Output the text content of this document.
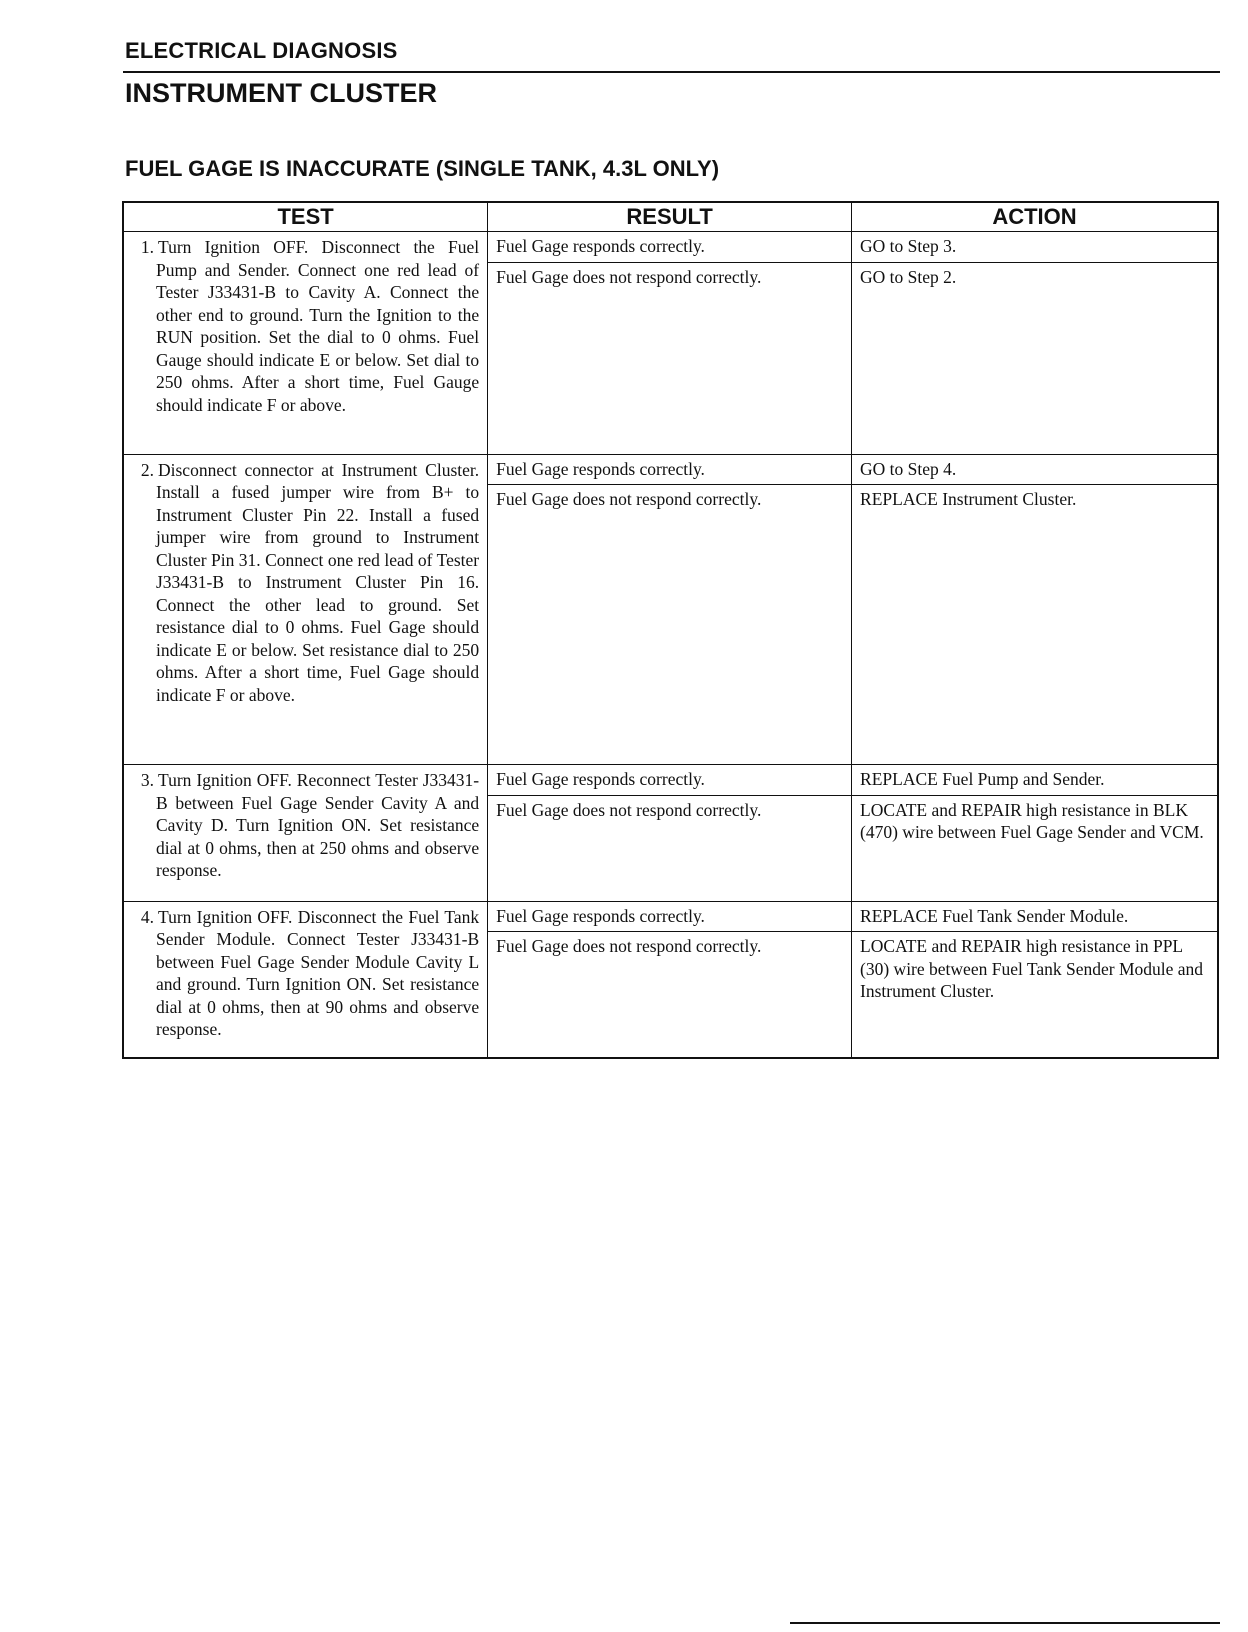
ELECTRICAL DIAGNOSIS
INSTRUMENT CLUSTER
FUEL GAGE IS INACCURATE (SINGLE TANK, 4.3L ONLY)
TEST	RESULT	ACTION
1. Turn Ignition OFF. Disconnect the Fuel Pump and Sender. Connect one red lead of Tester J33431-B to Cavity A. Connect the other end to ground. Turn the Ignition to the RUN position. Set the dial to 0 ohms. Fuel Gauge should indicate E or below. Set dial to 250 ohms. After a short time, Fuel Gauge should indicate F or above.	Fuel Gage responds correctly.	GO to Step 3.
	Fuel Gage does not respond correctly.	GO to Step 2.
2. Disconnect connector at Instrument Cluster. Install a fused jumper wire from B+ to Instrument Cluster Pin 22. Install a fused jumper wire from ground to Instrument Cluster Pin 31. Connect one red lead of Tester J33431-B to Instrument Cluster Pin 16. Connect the other lead to ground. Set resistance dial to 0 ohms. Fuel Gage should indicate E or below. Set resistance dial to 250 ohms. After a short time, Fuel Gage should indicate F or above.	Fuel Gage responds correctly.	GO to Step 4.
	Fuel Gage does not respond correctly.	REPLACE Instrument Cluster.
3. Turn Ignition OFF. Reconnect Tester J33431-B between Fuel Gage Sender Cavity A and Cavity D. Turn Ignition ON. Set resistance dial at 0 ohms, then at 250 ohms and observe response.	Fuel Gage responds correctly.	REPLACE Fuel Pump and Sender.
	Fuel Gage does not respond correctly.	LOCATE and REPAIR high resistance in BLK (470) wire between Fuel Gage Sender and VCM.
4. Turn Ignition OFF. Disconnect the Fuel Tank Sender Module. Connect Tester J33431-B between Fuel Gage Sender Module Cavity L and ground. Turn Ignition ON. Set resistance dial at 0 ohms, then at 90 ohms and observe response.	Fuel Gage responds correctly.	REPLACE Fuel Tank Sender Module.
	Fuel Gage does not respond correctly.	LOCATE and REPAIR high resistance in PPL (30) wire between Fuel Tank Sender Module and Instrument Cluster.
